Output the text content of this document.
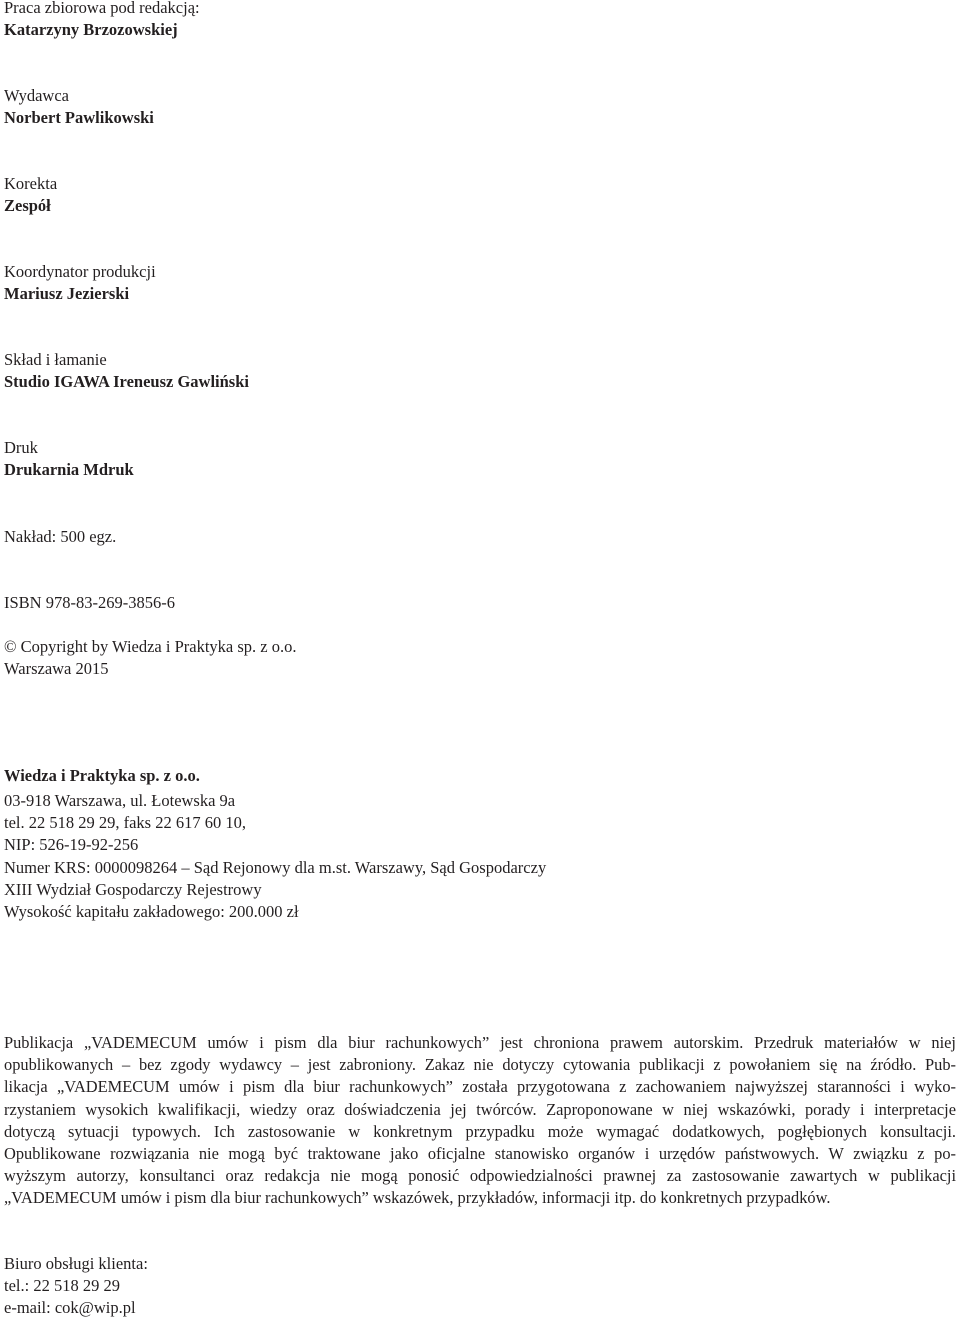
Praca zbiorowa pod redakcją:
Katarzyny Brzozowskiej
Wydawca
Norbert Pawlikowski
Korekta
Zespół
Koordynator produkcji
Mariusz Jezierski
Skład i łamanie
Studio IGAWA Ireneusz Gawliński
Druk
Drukarnia Mdruk
Nakład: 500 egz.
ISBN 978-83-269-3856-6
© Copyright by Wiedza i Praktyka sp. z o.o.
Warszawa 2015
Wiedza i Praktyka sp. z o.o.
03-918 Warszawa, ul. Łotewska 9a
tel. 22 518 29 29, faks 22 617 60 10,
NIP: 526-19-92-256
Numer KRS: 0000098264 – Sąd Rejonowy dla m.st. Warszawy, Sąd Gospodarczy
XIII Wydział Gospodarczy Rejestrowy
Wysokość kapitału zakładowego: 200.000 zł
Publikacja „VADEMECUM umów i pism dla biur rachunkowych” jest chroniona prawem autorskim. Przedruk materiałów w niej
opublikowanych – bez zgody wydawcy – jest zabroniony. Zakaz nie dotyczy cytowania publikacji z powołaniem się na źródło. Pub-
likacja „VADEMECUM umów i pism dla biur rachunkowych” została przygotowana z zachowaniem najwyższej staranności i wyko-
rzystaniem wysokich kwalifikacji, wiedzy oraz doświadczenia jej twórców. Zaproponowane w niej wskazówki, porady i interpretacje
dotyczą sytuacji typowych. Ich zastosowanie w konkretnym przypadku może wymagać dodatkowych, pogłębionych konsultacji.
Opublikowane rozwiązania nie mogą być traktowane jako oficjalne stanowisko organów i urzędów państwowych. W związku z po-
wyższym autorzy, konsultanci oraz redakcja nie mogą ponosić odpowiedzialności prawnej za zastosowanie zawartych w publikacji
„VADEMECUM umów i pism dla biur rachunkowych” wskazówek, przykładów, informacji itp. do konkretnych przypadków.
Biuro obsługi klienta:
tel.: 22 518 29 29
e-mail: cok@wip.pl
